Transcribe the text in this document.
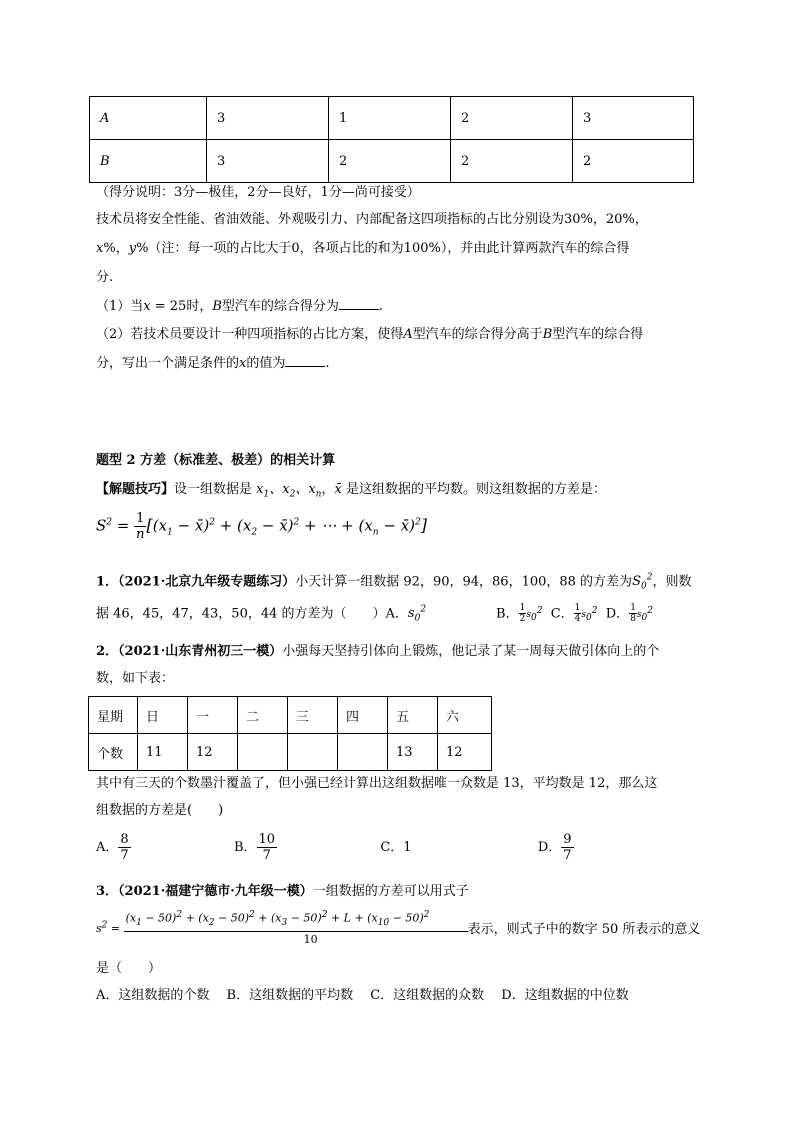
A	3	1	2	3
B	3	2	2	2
（得分说明：3分—极佳，2分—良好，1分—尚可接受）
技术员将安全性能、省油效能、外观吸引力、内部配备这四项指标的占比分别设为30%，20%，
x%，y%（注：每一项的占比大于0，各项占比的和为100%），并由此计算两款汽车的综合得
分.
（1）当x = 25时，B型汽车的综合得分为	.
（2）若技术员要设计一种四项指标的占比方案，使得A型汽车的综合得分高于B型汽车的综合得
分，写出一个满足条件的x的值为	.
题型 2 方差（标准差、极差）的相关计算
【解题技巧】设一组数据是 $x_1$、$x_2$、$x_n$，x̄ 是这组数据的平均数。则这组数据的方差是：
$S^2 = \frac{1}{n} [(x_1$ − x̄)$^2$ + ($x_2$ − x̄)$^2$ + ⋯ + ($x_n$ − x̄)$^2$]
1．（2021·北京九年级专题练习）小天计算一组数据 92，90，94，86，100，88 的方差为$S_0^2$，则数
据 46，45，47，43，50，44 的方差为（　　）A．$s_0^2$	B． $\frac{1}{2} s_0^2$ C． $\frac{1}{4} s_0^2$ D． $\frac{1}{8} s_0^2$
2．（2021·山东青州初三一模）小强每天坚持引体向上锻炼，他记录了某一周每天做引体向上的个
数，如下表：
星期	日	一	二	三	四	五	六
个数	11	12				13	12
其中有三天的个数墨汁覆盖了，但小强已经计算出这组数据唯一众数是 13，平均数是 12，那么这
组数据的方差是(　　)
A． $\frac{8}{7}$	B． $\frac{10}{7}$	C．1	D． $\frac{9}{7}$
3．（2021·福建宁德市·九年级一模）一组数据的方差可以用式子
$s^2 = \frac{(x_1 - 50)^2 + (x_2 - 50)^2 + (x_3 - 50)^2 + L + (x_{10} - 50)^2}{10}$ 表示，则式子中的数字 50 所表示的意义
是（　　）
A．这组数据的个数　 B．这组数据的平均数　 C．这组数据的众数　 D．这组数据的中位数
